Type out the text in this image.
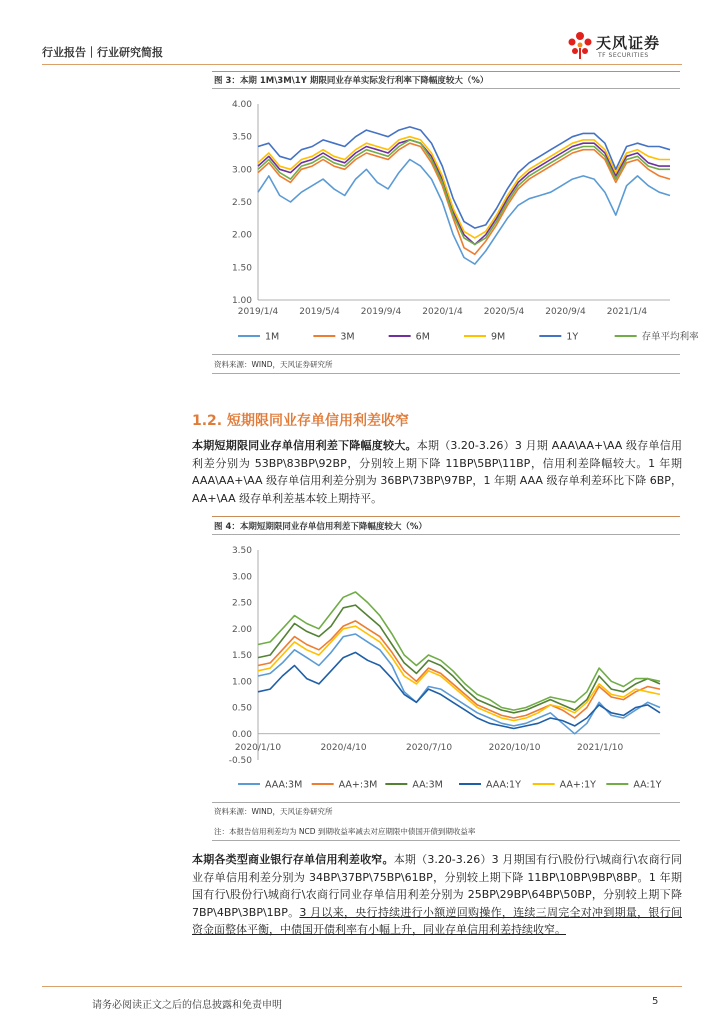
行业报告｜行业研究简报
天风证券
TF SECURITIES
图 3：本期 1M\3M\1Y 期限同业存单实际发行利率下降幅度较大（%）
4.00
3.50
3.00
2.50
2.00
1.50
1.00
2019/1/4 2019/5/4 2019/9/4 2020/1/4 2020/5/4 2020/9/4 2021/1/4
1M	3M	6M	9M	1Y	存单平均利率
资料来源：WIND，天风证券研究所
1.2. 短期限同业存单信用利差收窄
本期短期限同业存单信用利差下降幅度较大。本期（3.20-3.26）3 月期 AAA\AA+\AA 级存单信用利差分别为 53BP\83BP\92BP，分别较上期下降 11BP\5BP\11BP，信用利差降幅较大。1 年期 AAA\AA+\AA 级存单信用利差分别为 36BP\73BP\97BP，1 年期 AAA 级存单利差环比下降 6BP，AA+\AA 级存单利差基本较上期持平。
图 4：本期短期限同业存单信用利差下降幅度较大（%）
3.50
3.00
2.50
2.00
1.50
1.00
0.50
0.00
-0.50
2020/1/10	2020/4/10	2020/7/10	2020/10/10	2021/1/10
AAA:3M	AA+:3M	AA:3M	AAA:1Y	AA+:1Y	AA:1Y
资料来源：WIND，天风证券研究所
注：本报告信用利差均为 NCD 到期收益率减去对应期限中债国开债到期收益率
本期各类型商业银行存单信用利差收窄。本期（3.20-3.26）3 月期国有行\股份行\城商行\农商行同业存单信用利差分别为 34BP\37BP\75BP\61BP，分别较上期下降 11BP\10BP\9BP\8BP。1 年期国有行\股份行\城商行\农商行同业存单信用利差分别为 25BP\29BP\64BP\50BP，分别较上期下降 7BP\4BP\3BP\1BP。3 月以来，央行持续进行小额逆回购操作，连续三周完全对冲到期量，银行间资金面整体平衡，中债国开债利率有小幅上升，同业存单信用利差持续收窄。
请务必阅读正文之后的信息披露和免责申明	5
